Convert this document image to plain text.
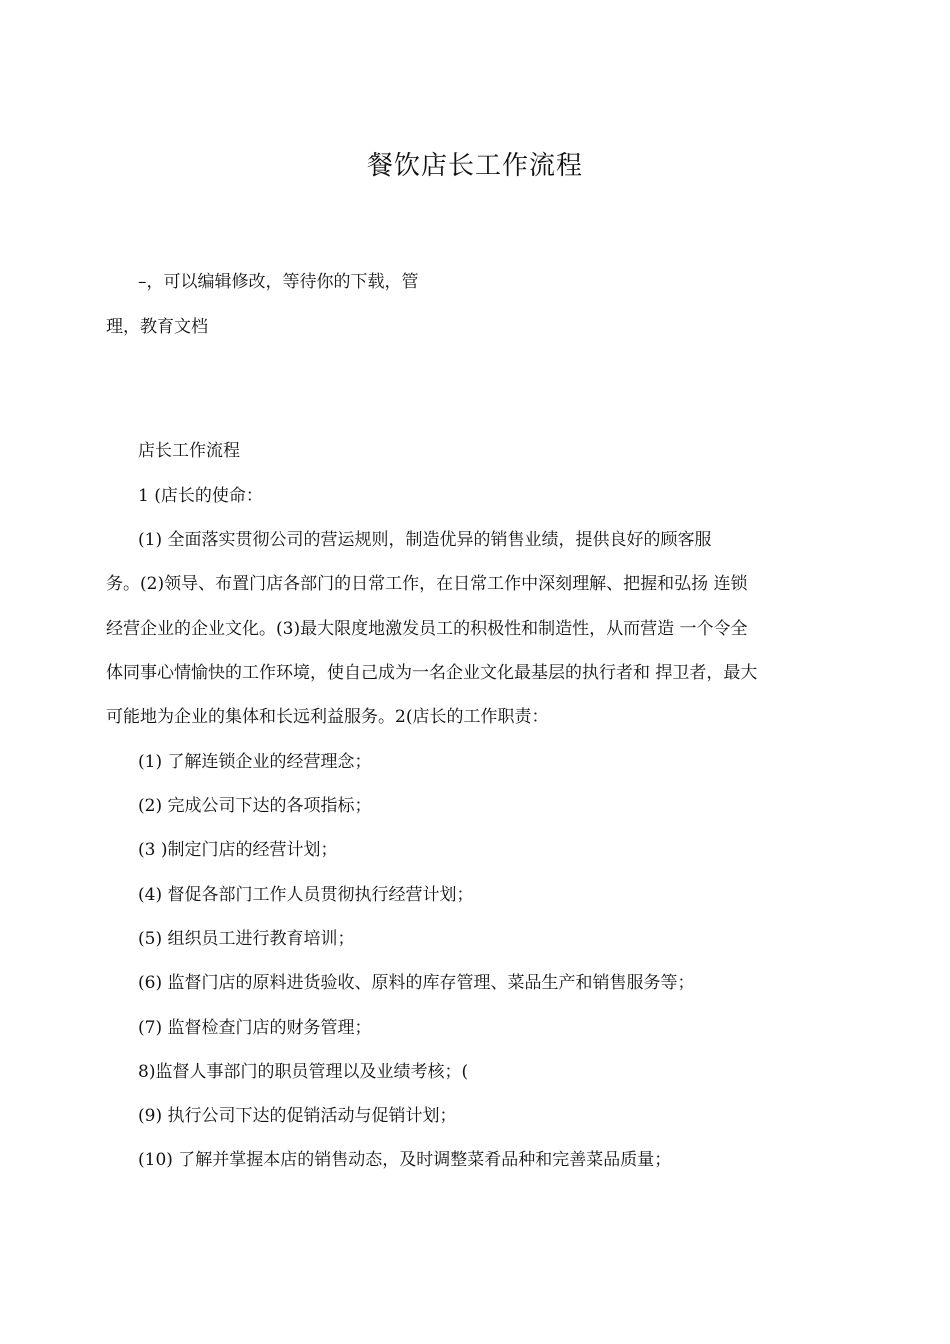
餐饮店长工作流程
–，可以编辑修改，等待你的下载，管
理，教育文档
店长工作流程
1 (店长的使命：
(1) 全面落实贯彻公司的营运规则，制造优异的销售业绩，提供良好的顾客服
务。(2)领导、布置门店各部门的日常工作，在日常工作中深刻理解、把握和弘扬 连锁
经营企业的企业文化。(3)最大限度地激发员工的积极性和制造性，从而营造 一个令全
体同事心情愉快的工作环境，使自己成为一名企业文化最基层的执行者和 捍卫者，最大
可能地为企业的集体和长远利益服务。2(店长的工作职责：
(1) 了解连锁企业的经营理念；
(2) 完成公司下达的各项指标；
(3 )制定门店的经营计划；
(4) 督促各部门工作人员贯彻执行经营计划；
(5) 组织员工进行教育培训；
(6) 监督门店的原料进货验收、原料的库存管理、菜品生产和销售服务等；
(7) 监督检查门店的财务管理；
8)监督人事部门的职员管理以及业绩考核；(
(9) 执行公司下达的促销活动与促销计划；
(10) 了解并掌握本店的销售动态，及时调整菜肴品种和完善菜品质量；
